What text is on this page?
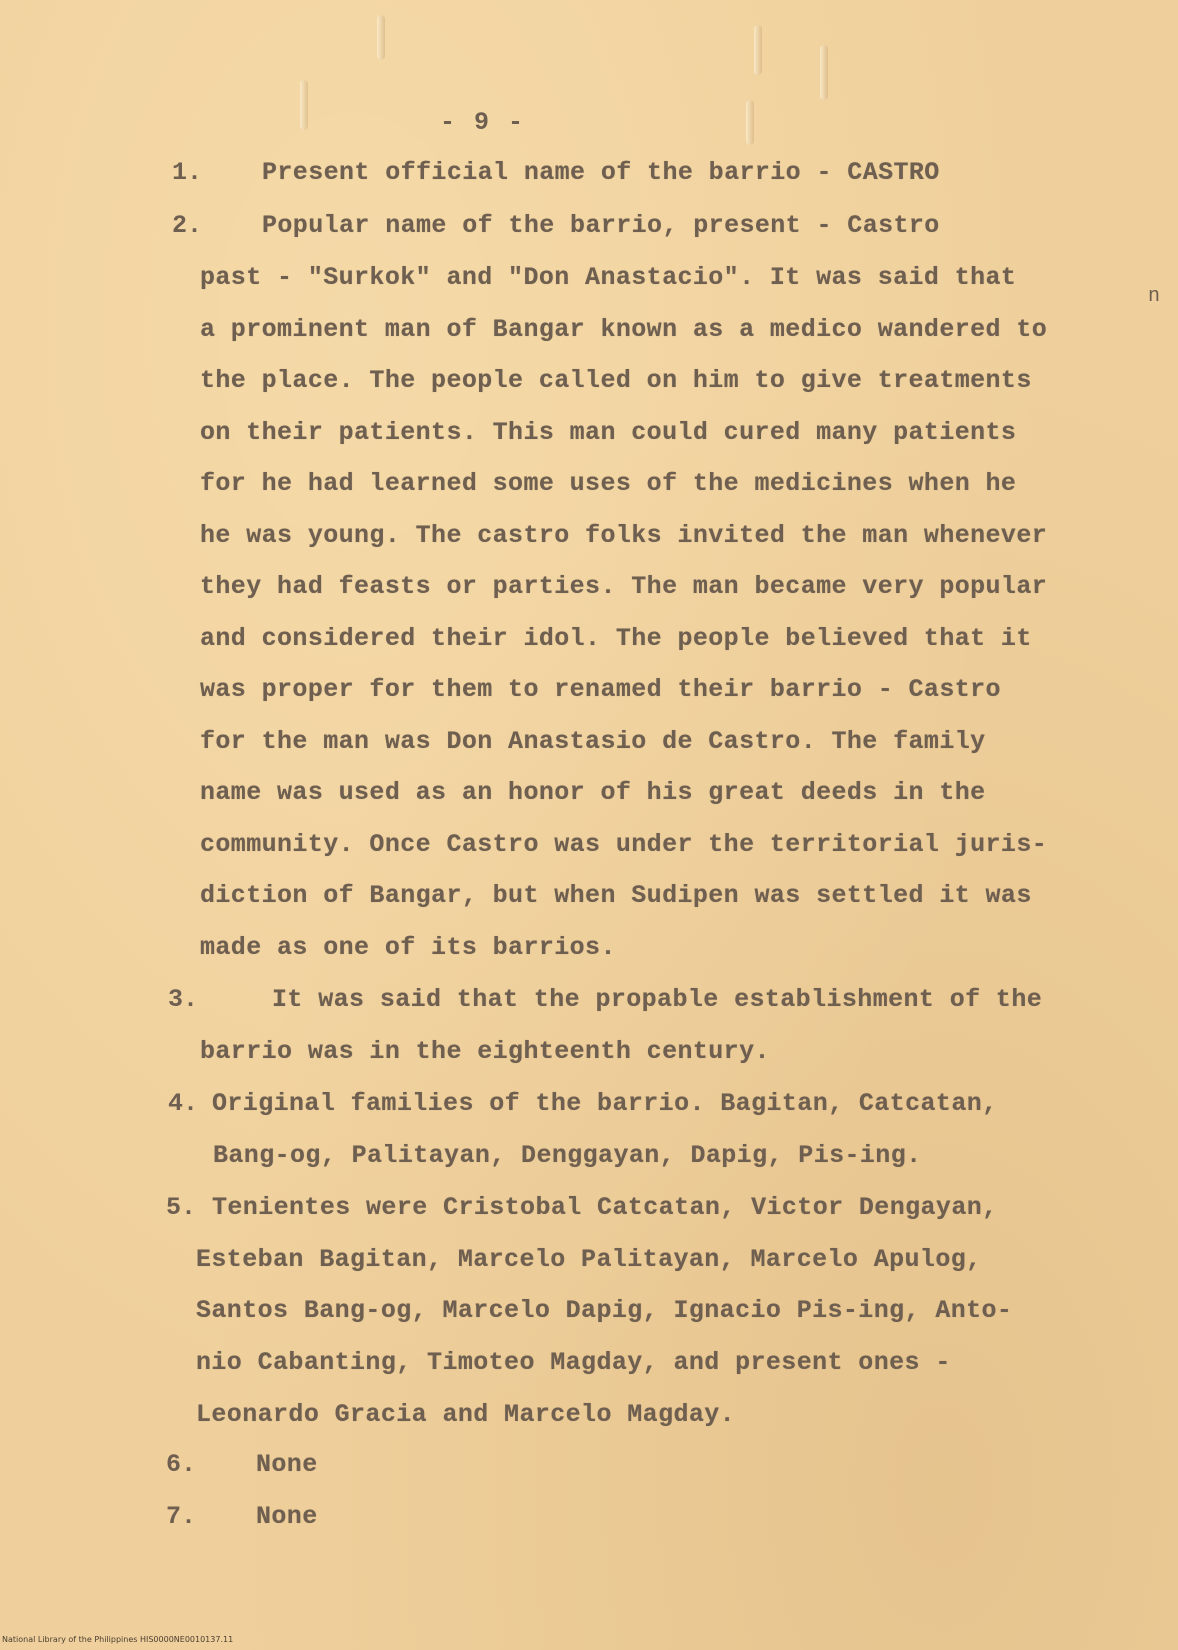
- 9 -
n
1. Present official name of the barrio - CASTRO
2. Popular name of the barrio, present - Castro
past - "Surkok" and "Don Anastacio". It was said that
a prominent man of Bangar known as a medico wandered to
the place. The people called on him to give treatments
on their patients. This man could cured many patients
for he had learned some uses of the medicines when he
he was young. The castro folks invited the man whenever
they had feasts or parties. The man became very popular
and considered their idol. The people believed that it
was proper for them to renamed their barrio - Castro
for the man was Don Anastasio de Castro. The family
name was used as an honor of his great deeds in the
community. Once Castro was under the territorial juris-
diction of Bangar, but when Sudipen was settled it was
made as one of its barrios.
3.	It was said that the propable establishment of the
barrio was in the eighteenth century.
4. Original families of the barrio. Bagitan, Catcatan,
Bang-og, Palitayan, Denggayan, Dapig, Pis-ing.
5. Tenientes were Cristobal Catcatan, Victor Dengayan,
Esteban Bagitan, Marcelo Palitayan, Marcelo Apulog,
Santos Bang-og, Marcelo Dapig, Ignacio Pis-ing, Anto-
nio Cabanting, Timoteo Magday, and present ones -
Leonardo Gracia and Marcelo Magday.
6. None
7. None
National Library of the Philippines HIS0000NE0010137.11
